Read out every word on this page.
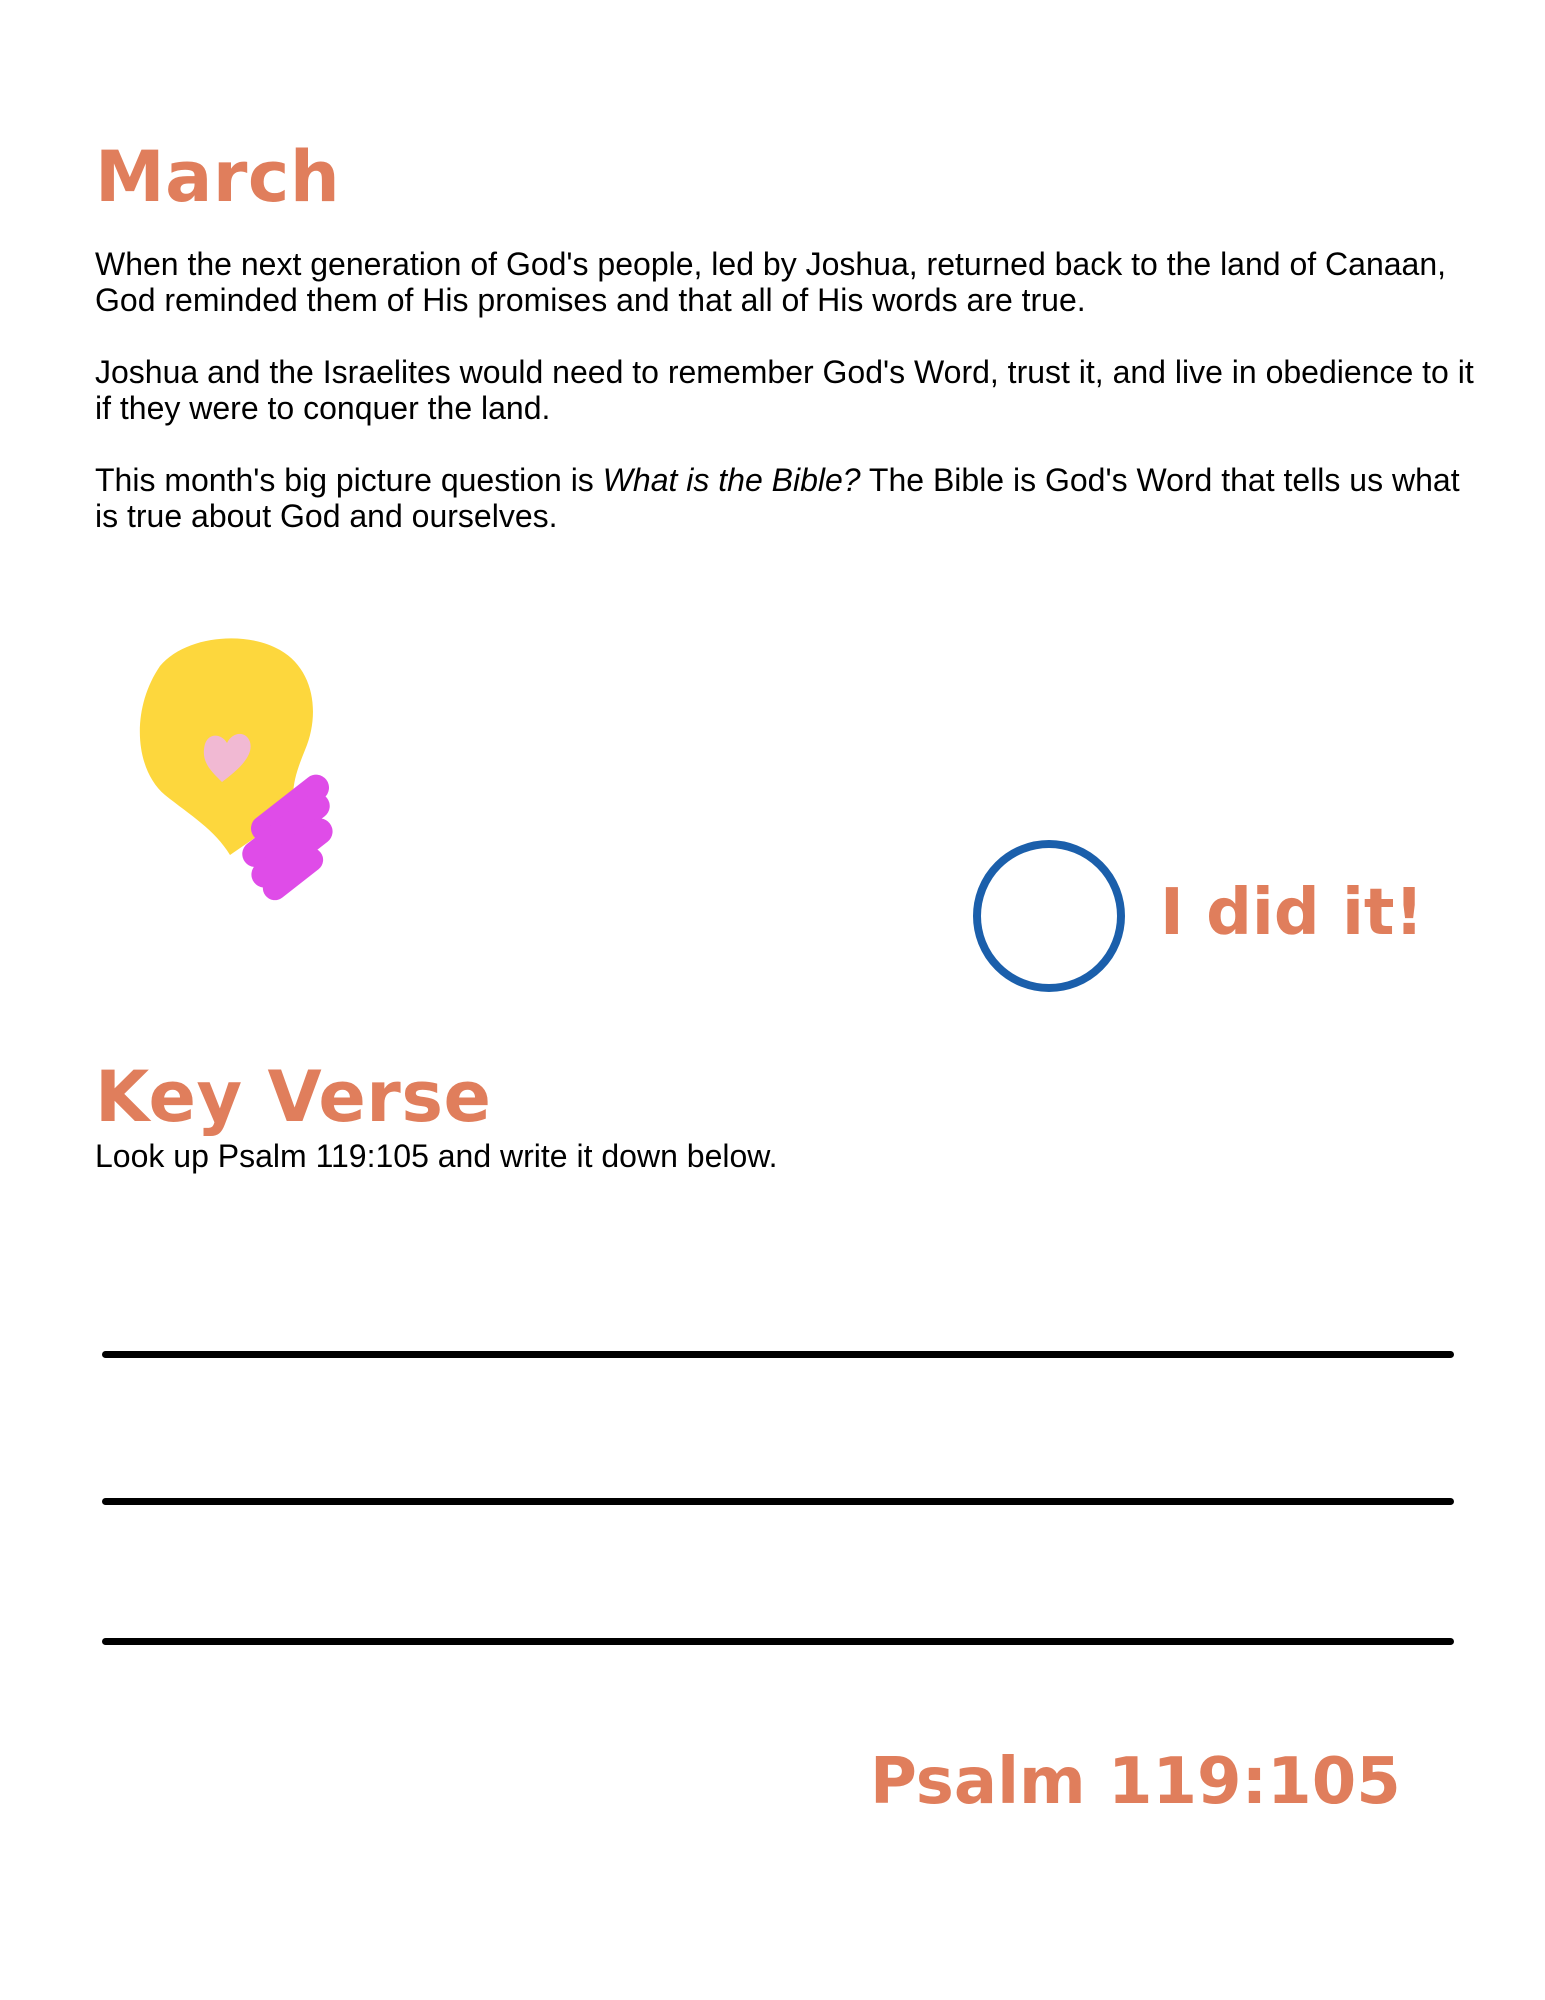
March

When the next generation of God's people, led by Joshua, returned back to the land of Canaan, God reminded them of His promises and that all of His words are true.

Joshua and the Israelites would need to remember God's Word, trust it, and live in obedience to it if they were to conquer the land.

This month's big picture question is What is the Bible? The Bible is God's Word that tells us what is true about God and ourselves.

I did it!
Key Verse

Look up Psalm 119:105 and write it down below.

Psalm 119:105
